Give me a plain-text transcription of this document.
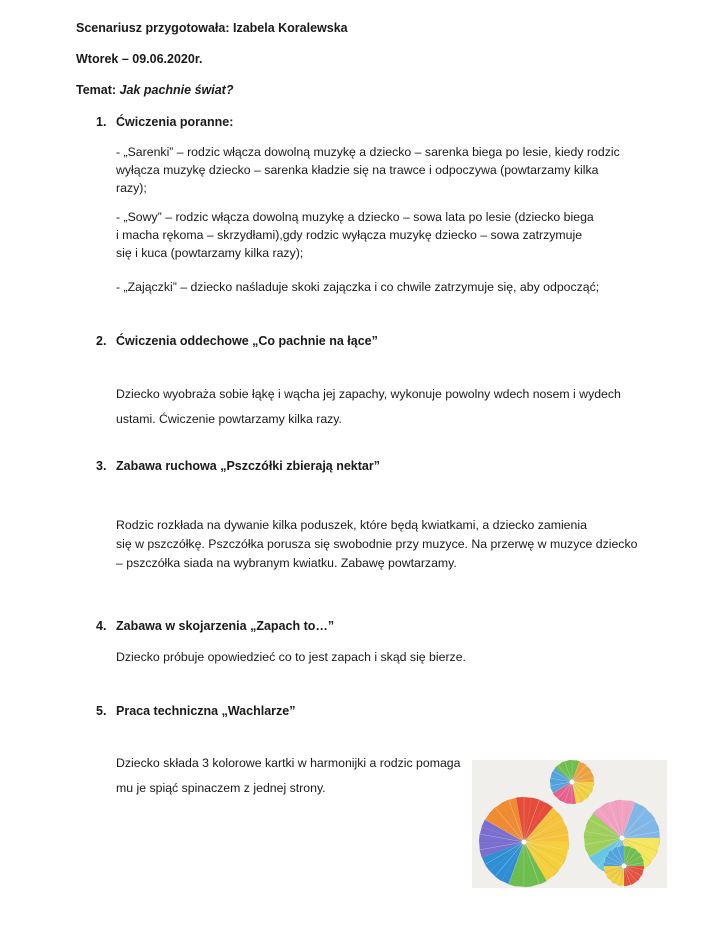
Scenariusz przygotowała: Izabela Koralewska
Wtorek – 09.06.2020r.
Temat: Jak pachnie świat?
1. Ćwiczenia poranne:
- „Sarenki” – rodzic włącza dowolną muzykę a dziecko – sarenka biega po lesie, kiedy rodzic
wyłącza muzykę dziecko – sarenka kładzie się na trawce i odpoczywa (powtarzamy kilka
razy);
- „Sowy” – rodzic włącza dowolną muzykę a dziecko – sowa lata po lesie (dziecko biega
i macha rękoma – skrzydłami),gdy rodzic wyłącza muzykę dziecko – sowa zatrzymuje
się i kuca (powtarzamy kilka razy);
- „Zajączki” – dziecko naśladuje skoki zajączka i co chwile zatrzymuje się, aby odpocząć;
2. Ćwiczenia oddechowe „Co pachnie na łące”
Dziecko wyobraża sobie łąkę i wącha jej zapachy, wykonuje powolny wdech nosem i wydech
ustami. Ćwiczenie powtarzamy kilka razy.
3. Zabawa ruchowa „Pszczółki zbierają nektar”
Rodzic rozkłada na dywanie kilka poduszek, które będą kwiatkami, a dziecko zamienia
się w pszczółkę. Pszczółka porusza się swobodnie przy muzyce. Na przerwę w muzyce dziecko
– pszczółka siada na wybranym kwiatku. Zabawę powtarzamy.
4. Zabawa w skojarzenia „Zapach to…”
Dziecko próbuje opowiedzieć co to jest zapach i skąd się bierze.
5. Praca techniczna „Wachlarze”
Dziecko składa 3 kolorowe kartki w harmonijki a rodzic pomaga
mu je spiąć spinaczem z jednej strony.
